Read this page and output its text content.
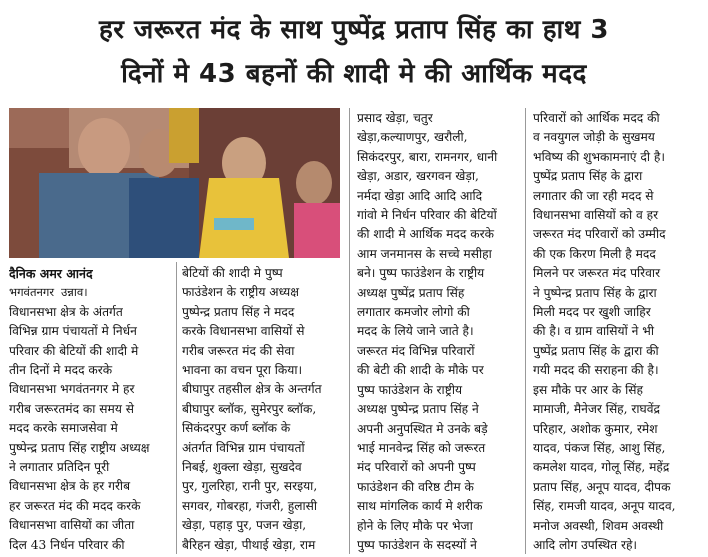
हर जरूरत मंद के साथ पुष्पेंद्र प्रताप सिंह का हाथ 3
दिनों मे 43 बहनों की शादी मे की आर्थिक मदद
दैनिक अमर आनंद
भगवंतनगर उन्नाव।
विधानसभा क्षेत्र के अंतर्गत
विभिन्न ग्राम पंचायतों मे निर्धन
परिवार की बेटियों की शादी मे
तीन दिनों मे मदद करके
विधानसभा भगवंतनगर मे हर
गरीब जरूरतमंद का समय से
मदद करके समाजसेवा मे
पुष्पेन्द्र प्रताप सिंह राष्ट्रीय अध्यक्ष
ने लगातार प्रतिदिन पूरी
विधानसभा क्षेत्र के हर गरीब
हर जरूरत मंद की मदद करके
विधानसभा वासियों का जीता
दिल 43 निर्धन परिवार की
बेटियों की शादी मे पुष्प
फाउंडेशन के राष्ट्रीय अध्यक्ष
पुष्पेन्द्र प्रताप सिंह ने मदद
करके विधानसभा वासियों से
गरीब जरूरत मंद की सेवा
भावना का वचन पूरा किया।
बीघापुर तहसील क्षेत्र के अन्तर्गत
बीघापुर ब्लॉक, सुमेरपुर ब्लॉक,
सिकंदरपुर कर्ण ब्लॉक के
अंतर्गत विभिन्न ग्राम पंचायतों
निबई, शुक्ला खेड़ा, सुखदेव
पुर, गुलरिहा, रानी पुर, सरइया,
सगवर, गोबरहा, गंजरी, हुलासी
खेड़ा, पहाड़ पुर, पजन खेड़ा,
बैरिहन खेड़ा, पीथाई खेड़ा, राम
प्रसाद खेड़ा, चतुर
खेड़ा,कल्याणपुर, खरौली,
सिकंदरपुर, बारा, रामनगर, धानी
खेड़ा, अडार, खरगवन खेड़ा,
नर्मदा खेड़ा आदि आदि आदि
गांवो मे निर्धन परिवार की बेटियों
की शादी मे आर्थिक मदद करके
आम जनमानस के सच्चे मसीहा
बने। पुष्प फाउंडेशन के राष्ट्रीय
अध्यक्ष पुष्पेंद्र प्रताप सिंह
लगातार कमजोर लोगो की
मदद के लिये जाने जाते है।
जरूरत मंद विभिन्न परिवारों
की बेटी की शादी के मौके पर
पुष्प फाउंडेशन के राष्ट्रीय
अध्यक्ष पुष्पेन्द्र प्रताप सिंह ने
अपनी अनुपस्थित मे उनके बड़े
भाई मानवेन्द्र सिंह को जरूरत
मंद परिवारों को अपनी पुष्प
फाउंडेशन की वरिष्ठ टीम के
साथ मांगलिक कार्य मे शरीक
होने के लिए मौके पर भेजा
पुष्प फाउंडेशन के सदस्यों ने
परिवारों को आर्थिक मदद की
व नवयुगल जोड़ी के सुखमय
भविष्य की शुभकामनाएं दी है।
पुष्पेंद्र प्रताप सिंह के द्वारा
लगातार की जा रही मदद से
विधानसभा वासियों को व हर
जरूरत मंद परिवारों को उम्मीद
की एक किरण मिली है मदद
मिलने पर जरूरत मंद परिवार
ने पुष्पेन्द्र प्रताप सिंह के द्वारा
मिली मदद पर खुशी जाहिर
की है। व ग्राम वासियों ने भी
पुष्पेंद्र प्रताप सिंह के द्वारा की
गयी मदद की सराहना की है।
इस मौके पर आर के सिंह
मामाजी, मैनेजर सिंह, राघवेंद्र
परिहार, अशोक कुमार, रमेश
यादव, पंकज सिंह, आशु सिंह,
कमलेश यादव, गोलू सिंह, महेंद्र
प्रताप सिंह, अनूप यादव, दीपक
सिंह, रामजी यादव, अनूप यादव,
मनोज अवस्थी, शिवम अवस्थी
आदि लोग उपस्थित रहे।
